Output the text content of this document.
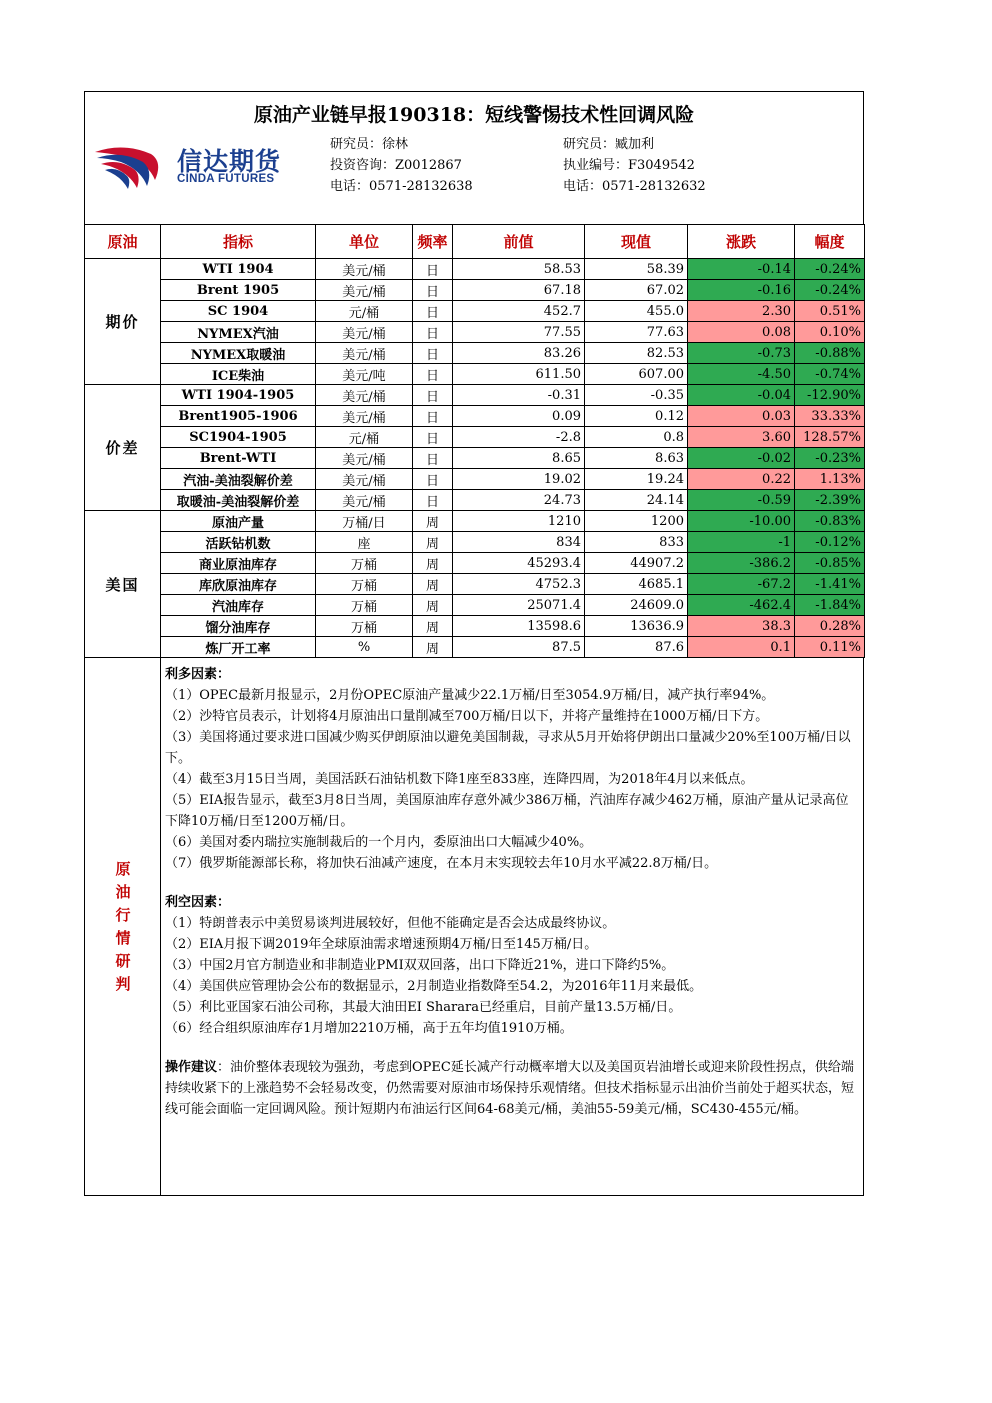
原油产业链早报190318：短线警惕技术性回调风险
信达期货
CINDA FUTURES
研究员：徐林
投资咨询：Z0012867
电话：0571-28132638
研究员：臧加利
执业编号：F3049542
电话：0571-28132632
原油	指标	单位	频率	前值	现值	涨跌	幅度
期价	WTI 1904	美元/桶	日	58.53	58.39	-0.14	-0.24%
	Brent 1905	美元/桶	日	67.18	67.02	-0.16	-0.24%
	SC 1904	元/桶	日	452.7	455.0	2.30	0.51%
	NYMEX汽油	美元/桶	日	77.55	77.63	0.08	0.10%
	NYMEX取暖油	美元/桶	日	83.26	82.53	-0.73	-0.88%
	ICE柴油	美元/吨	日	611.50	607.00	-4.50	-0.74%
价差	WTI 1904-1905	美元/桶	日	-0.31	-0.35	-0.04	-12.90%
	Brent1905-1906	美元/桶	日	0.09	0.12	0.03	33.33%
	SC1904-1905	元/桶	日	-2.8	0.8	3.60	128.57%
	Brent-WTI	美元/桶	日	8.65	8.63	-0.02	-0.23%
	汽油-美油裂解价差	美元/桶	日	19.02	19.24	0.22	1.13%
	取暖油-美油裂解价差	美元/桶	日	24.73	24.14	-0.59	-2.39%
美国	原油产量	万桶/日	周	1210	1200	-10.00	-0.83%
	活跃钻机数	座	周	834	833	-1	-0.12%
	商业原油库存	万桶	周	45293.4	44907.2	-386.2	-0.85%
	库欣原油库存	万桶	周	4752.3	4685.1	-67.2	-1.41%
	汽油库存	万桶	周	25071.4	24609.0	-462.4	-1.84%
	馏分油库存	万桶	周	13598.6	13636.9	38.3	0.28%
	炼厂开工率	%	周	87.5	87.6	0.1	0.11%
原油行情研判

利多因素：

（1）OPEC最新月报显示，2月份OPEC原油产量减少22.1万桶/日至3054.9万桶/日，减产执行率94%。

（2）沙特官员表示，计划将4月原油出口量削减至700万桶/日以下，并将产量维持在1000万桶/日下方。

（3）美国将通过要求进口国减少购买伊朗原油以避免美国制裁，寻求从5月开始将伊朗出口量减少20%至100万桶/日以下。

（4）截至3月15日当周，美国活跃石油钻机数下降1座至833座，连降四周，为2018年4月以来低点。

（5）EIA报告显示，截至3月8日当周，美国原油库存意外减少386万桶，汽油库存减少462万桶，原油产量从记录高位下降10万桶/日至1200万桶/日。

（6）美国对委内瑞拉实施制裁后的一个月内，委原油出口大幅减少40%。

（7）俄罗斯能源部长称，将加快石油减产速度，在本月末实现较去年10月水平减22.8万桶/日。

利空因素：

（1）特朗普表示中美贸易谈判进展较好，但他不能确定是否会达成最终协议。

（2）EIA月报下调2019年全球原油需求增速预期4万桶/日至145万桶/日。

（3）中国2月官方制造业和非制造业PMI双双回落，出口下降近21%，进口下降约5%。

（4）美国供应管理协会公布的数据显示，2月制造业指数降至54.2，为2016年11月来最低。

（5）利比亚国家石油公司称，其最大油田EI Sharara已经重启，目前产量13.5万桶/日。

（6）经合组织原油库存1月增加2210万桶，高于五年均值1910万桶。

操作建议：油价整体表现较为强劲，考虑到OPEC延长减产行动概率增大以及美国页岩油增长或迎来阶段性拐点，供给端持续收紧下的上涨趋势不会轻易改变，仍然需要对原油市场保持乐观情绪。但技术指标显示出油价当前处于超买状态，短线可能会面临一定回调风险。预计短期内布油运行区间64-68美元/桶，美油55-59美元/桶，SC430-455元/桶。
